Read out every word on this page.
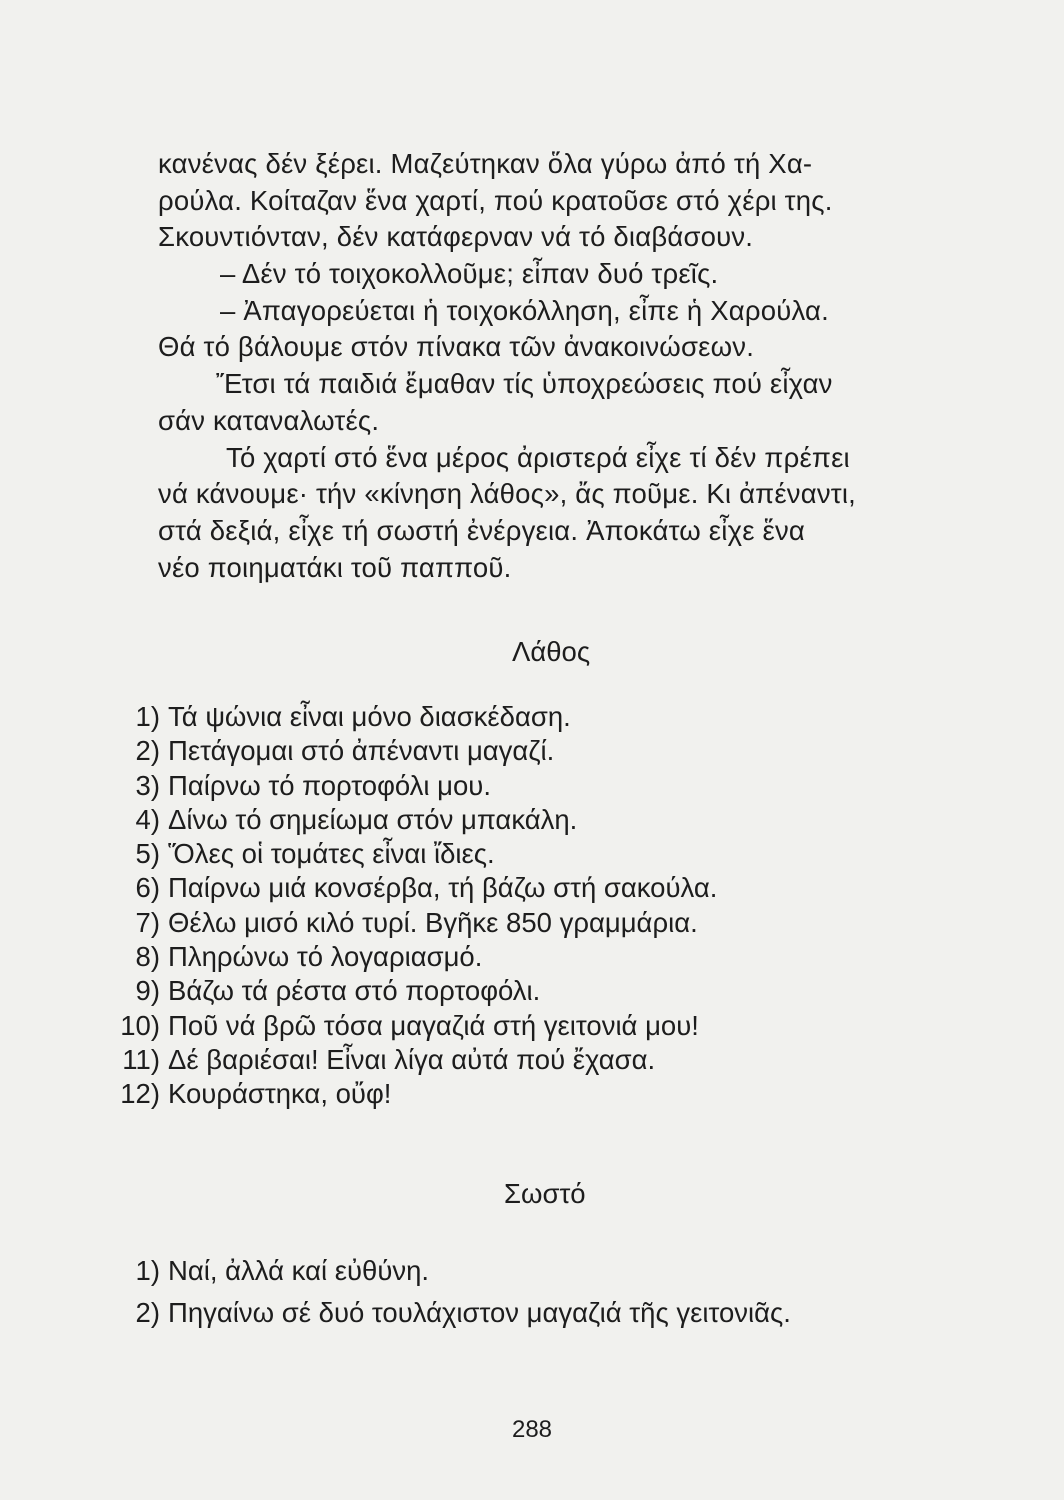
κανένας δέν ξέρει. Μαζεύτηκαν ὅλα γύρω ἀπό τή Χα-
ρούλα. Κοίταζαν ἕνα χαρτί, πού κρατοῦσε στό χέρι της.
Σκουντιόνταν, δέν κατάφερναν νά τό διαβάσουν.
– Δέν τό τοιχοκολλοῦμε; εἶπαν δυό τρεῖς.
– Ἀπαγορεύεται ἡ τοιχοκόλληση, εἶπε ἡ Χαρούλα.
Θά τό βάλουμε στόν πίνακα τῶν ἀνακοινώσεων.
Ἔτσι τά παιδιά ἔμαθαν τίς ὑποχρεώσεις πού εἶχαν
σάν καταναλωτές.
Τό χαρτί στό ἕνα μέρος ἀριστερά εἶχε τί δέν πρέπει
νά κάνουμε· τήν «κίνηση λάθος», ἄς ποῦμε. Κι ἀπέναντι,
στά δεξιά, εἶχε τή σωστή ἐνέργεια. Ἀποκάτω εἶχε ἕνα
νέο ποιηματάκι τοῦ παπποῦ.
Λάθος
1) Τά ψώνια εἶναι μόνο διασκέδαση.
2) Πετάγομαι στό ἀπέναντι μαγαζί.
3) Παίρνω τό πορτοφόλι μου.
4) Δίνω τό σημείωμα στόν μπακάλη.
5) Ὅλες οἱ τομάτες εἶναι ἴδιες.
6) Παίρνω μιά κονσέρβα, τή βάζω στή σακούλα.
7) Θέλω μισό κιλό τυρί. Βγῆκε 850 γραμμάρια.
8) Πληρώνω τό λογαριασμό.
9) Βάζω τά ρέστα στό πορτοφόλι.
10) Ποῦ νά βρῶ τόσα μαγαζιά στή γειτονιά μου!
11) Δέ βαριέσαι! Εἶναι λίγα αὐτά πού ἔχασα.
12) Κουράστηκα, οὔφ!
Σωστό
1) Ναί, ἀλλά καί εὐθύνη.
2) Πηγαίνω σέ δυό τουλάχιστον μαγαζιά τῆς γειτονιᾶς.
288
